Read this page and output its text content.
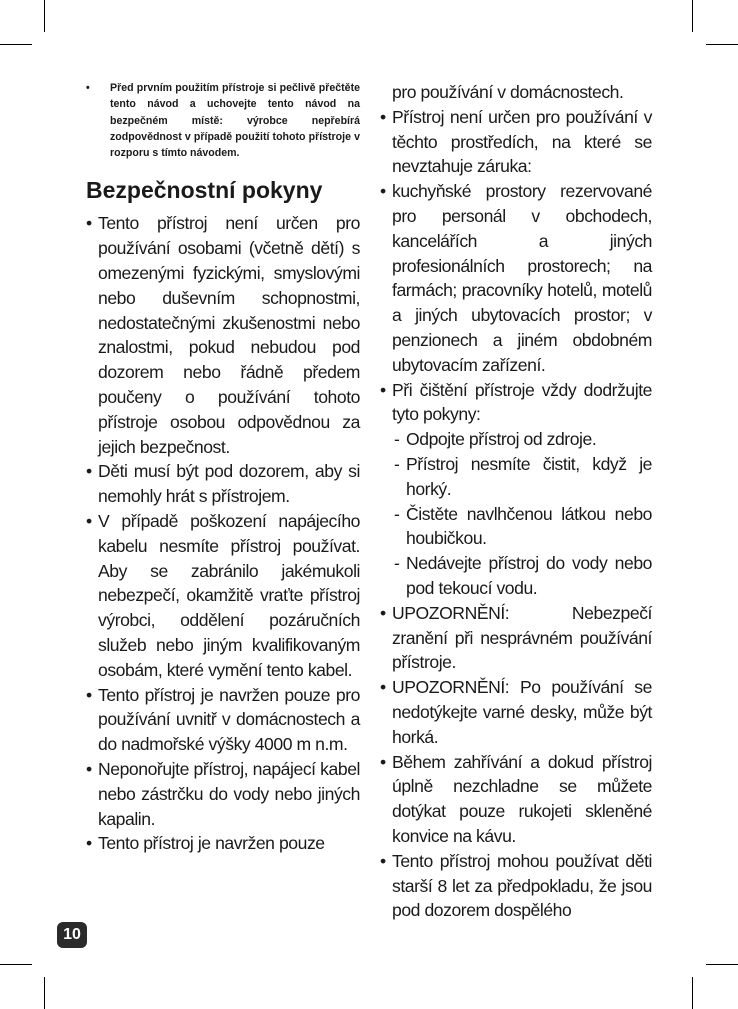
• Před prvním použitím přístroje si pečlivě přečtěte tento návod a uchovejte tento návod na bezpečném místě: výrobce nepřebírá zodpovědnost v případě použití tohoto přístroje v rozporu s tímto návodem.

Bezpečnostní pokyny
• Tento přístroj není určen pro používání osobami (včetně dětí) s omezenými fyzickými, smyslovými nebo duševním schopnostmi, nedostatečnými zkušenostmi nebo znalostmi, pokud nebudou pod dozorem nebo řádně předem poučeny o používání tohoto přístroje osobou odpovědnou za jejich bezpečnost.
• Děti musí být pod dozorem, aby si nemohly hrát s přístrojem.
• V případě poškození napájecího kabelu nesmíte přístroj používat. Aby se zabránilo jakémukoli nebezpečí, okamžitě vraťte přístroj výrobci, oddělení pozáručních služeb nebo jiným kvalifikovaným osobám, které vymění tento kabel.
• Tento přístroj je navržen pouze pro používání uvnitř v domácnostech a do nadmořské výšky 4000 m n.m.
• Neponořujte přístroj, napájecí kabel nebo zástrčku do vody nebo jiných kapalin.
• Tento přístroj je navržen pouze

pro používání v domácnostech.

• Přístroj není určen pro používání v těchto prostředích, na které se nevztahuje záruka:
• kuchyňské prostory rezervované pro personál v obchodech, kancelářích a jiných profesionálních prostorech; na farmách; pracovníky hotelů, motelů a jiných ubytovacích prostor; v penzionech a jiném obdobném ubytovacím zařízení.
• Při čištění přístroje vždy dodržujte tyto pokyny:
- Odpojte přístroj od zdroje.
- Přístroj nesmíte čistit, když je horký.
- Čistěte navlhčenou látkou nebo houbičkou.
- Nedávejte přístroj do vody nebo pod tekoucí vodu.
• UPOZORNĚNÍ: Nebezpečí zranění při nesprávném používání přístroje.
• UPOZORNĚNÍ: Po používání se nedotýkejte varné desky, může být horká.
• Během zahřívání a dokud přístroj úplně nezchladne se můžete dotýkat pouze rukojeti skleněné konvice na kávu.
• Tento přístroj mohou používat děti starší 8 let za předpokladu, že jsou pod dozorem dospělého
10
